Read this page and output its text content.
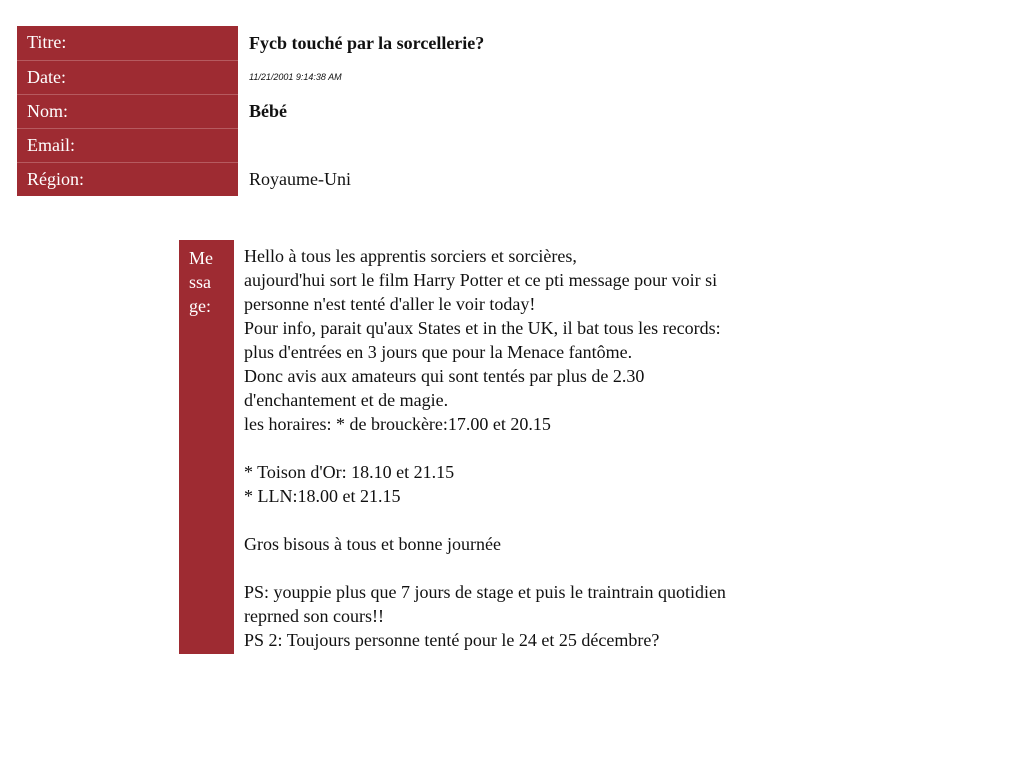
Titre:	Fycb touché par la sorcellerie?
Date:	11/21/2001 9:14:38 AM
Nom:	Bébé
Email:	
Région:	Royaume-Uni
Me
ssa
ge:
Hello à tous les apprentis sorciers et sorcières,
aujourd'hui sort le film Harry Potter et ce pti message pour voir si
personne n'est tenté d'aller le voir today!
Pour info, parait qu'aux States et in the UK, il bat tous les records:
plus d'entrées en 3 jours que pour la Menace fantôme.
Donc avis aux amateurs qui sont tentés par plus de 2.30
d'enchantement et de magie.
les horaires: * de brouckère:17.00 et 20.15
* Toison d'Or: 18.10 et 21.15
* LLN:18.00 et 21.15
Gros bisous à tous et bonne journée
PS: youppie plus que 7 jours de stage et puis le traintrain quotidien
reprned son cours!!
PS 2: Toujours personne tenté pour le 24 et 25 décembre?
